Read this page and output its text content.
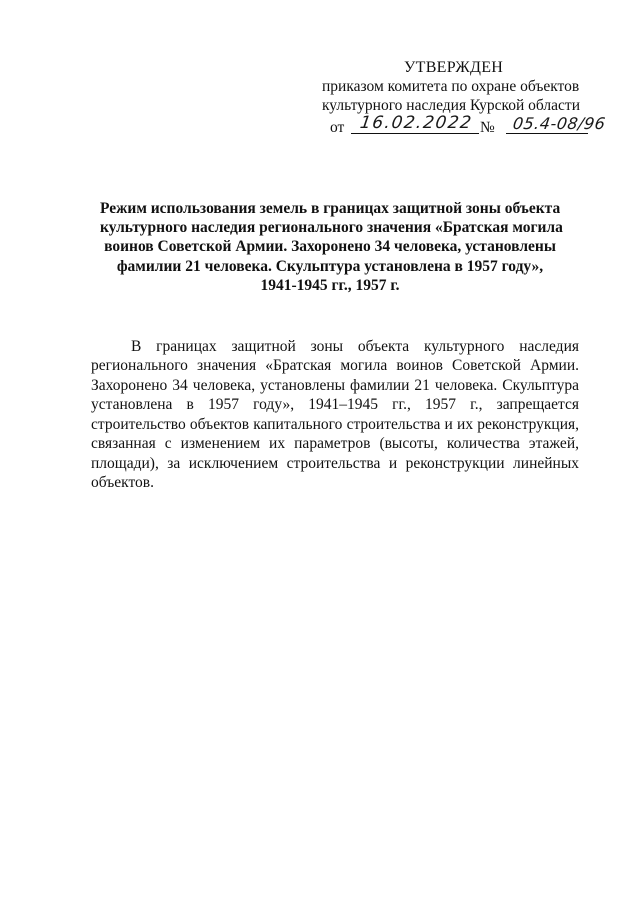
УТВЕРЖДЕН
приказом комитета по охране объектов
культурного наследия Курской области
от 16.02.2022 № 05.4-08/96
Режим использования земель в границах защитной зоны объекта
культурного наследия регионального значения «Братская могила
воинов Советской Армии. Захоронено 34 человека, установлены
фамилии 21 человека. Скульптура установлена в 1957 году»,
1941-1945 гг., 1957 г.

В границах защитной зоны объекта культурного наследия регионального значения «Братская могила воинов Советской Армии. Захоронено 34 человека, установлены фамилии 21 человека. Скульптура установлена в 1957 году», 1941–1945 гг., 1957 г., запрещается строительство объектов капитального строительства и их реконструкция, связанная с изменением их параметров (высоты, количества этажей, площади), за исключением строительства и реконструкции линейных объектов.
